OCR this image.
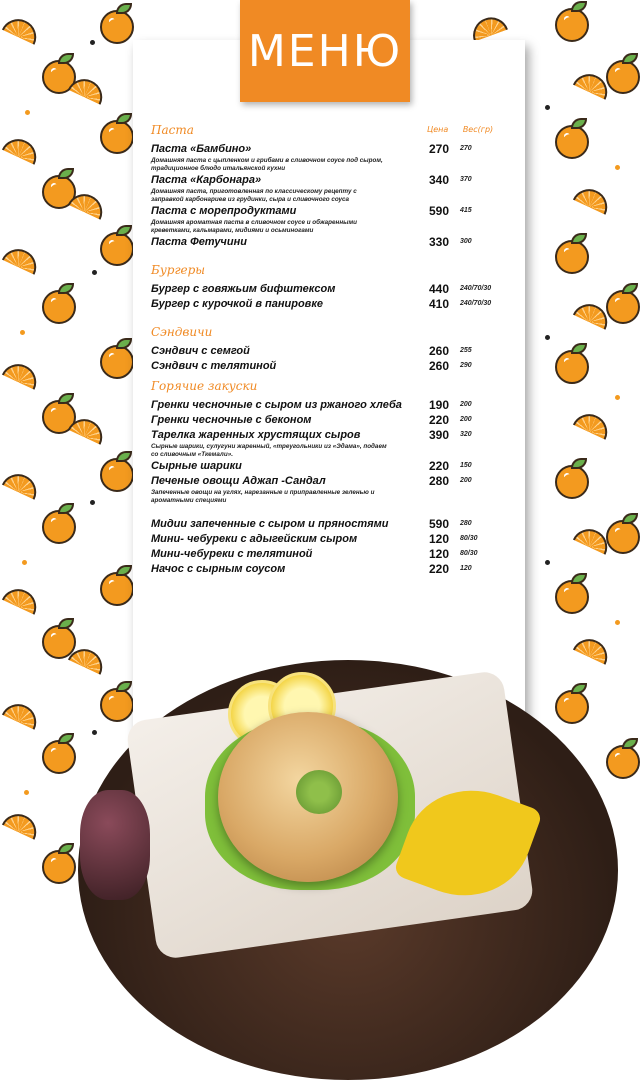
МЕНЮ
Цена Вес(гр)
Паста
Паста «Бамбино»	270 270
Домашняя паста с цыпленком и грибами в сливочном соусе под сыром, традиционное блюдо итальянской кухни
Паста «Карбонара»	340 370
Домашняя паста, приготовленная по классическому рецепту с заправкой карбонариев из грудинки, сыра и сливочного соуса
Паста с морепродуктами	590 415
Домашняя ароматная паста в сливочном соусе и обжаренными креветками, кальмарами, мидиями и осьминогами
Паста Фетучини	330 300
Бургеры
Бургер с говяжьим бифштексом	440 240/70/30
Бургер с курочкой в панировке	410 240/70/30
Сэндвичи
Сэндвич с семгой	260 255
Сэндвич с телятиной	260 290
Горячие закуски
Гренки чесночные с сыром из ржаного хлеба	190 200
Гренки чесночные с беконом	220 200
Тарелка жаренных хрустящих сыров	390 320
Сырные шарики, сулугуни жаренный, «треугольники из «Эдама», подаем со сливочным «Ткемали».
Сырные шарики	220 150
Печеные овощи Аджап -Сандал	280 200
Запеченные овощи на углях, нарезанные и приправленные зеленью и ароматными специями
Мидии запеченные с сыром и пряностями	590 280
Мини- чебуреки с адыгейским сыром	120 80/30
Мини-чебуреки с телятиной	120 80/30
Начос с сырным соусом	220 120
